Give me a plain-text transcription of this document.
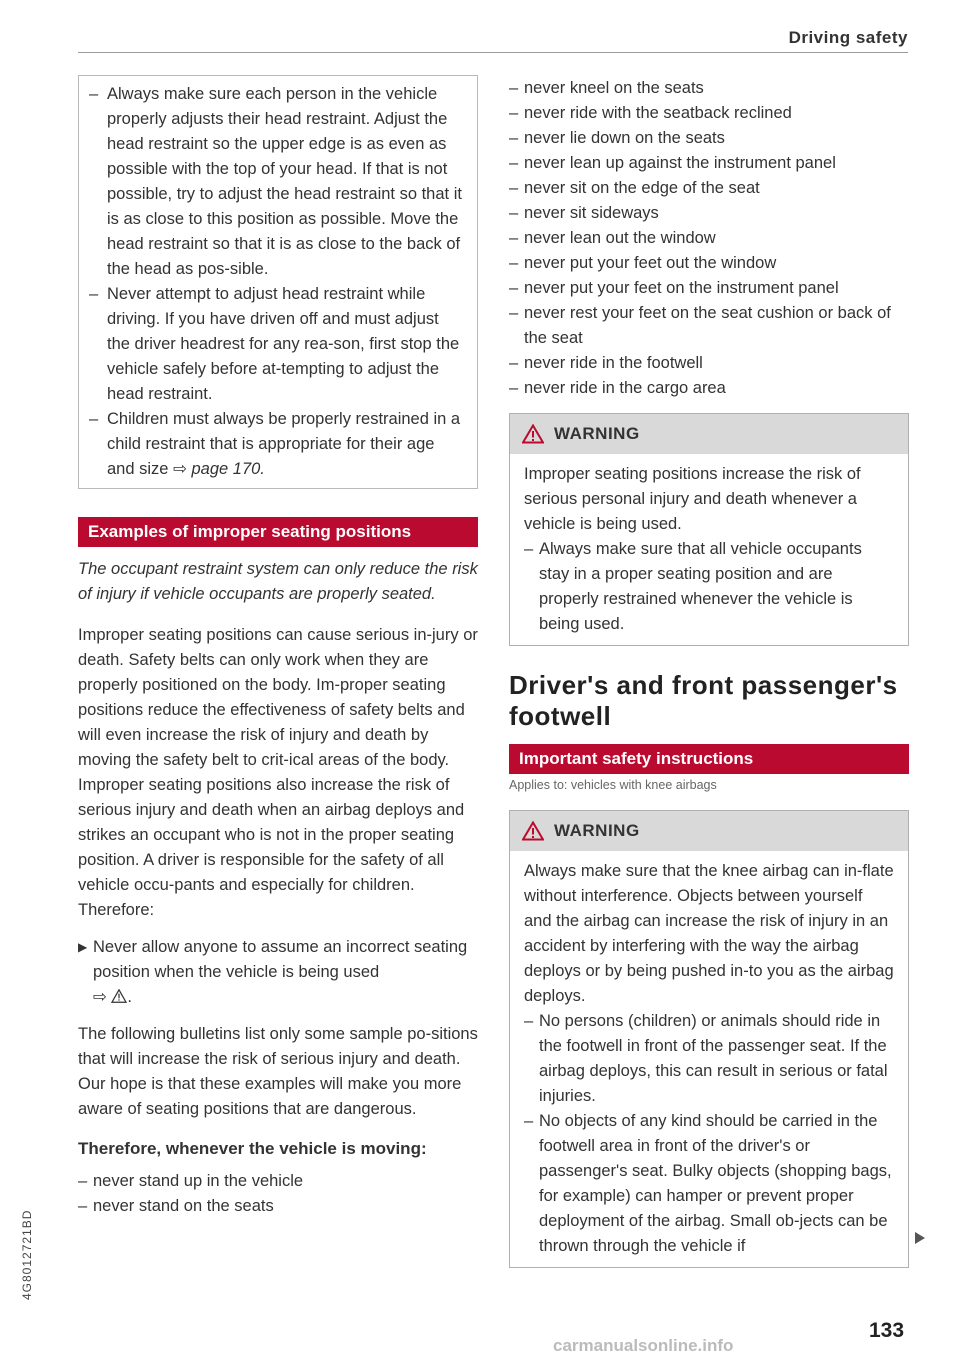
Driving safety
– Always make sure each person in the vehicle properly adjusts their head restraint. Adjust the head restraint so the upper edge is as even as possible with the top of your head. If that is not possible, try to adjust the head restraint so that it is as close to this position as possible. Move the head restraint so that it is as close to the back of the head as pos-sible.
– Never attempt to adjust head restraint while driving. If you have driven off and must adjust the driver headrest for any rea-son, first stop the vehicle safely before at-tempting to adjust the head restraint.
– Children must always be properly restrained in a child restraint that is appropriate for their age and size ⇨ page 170.
Examples of improper seating positions

The occupant restraint system can only reduce the risk of injury if vehicle occupants are properly seated.

Improper seating positions can cause serious in-jury or death. Safety belts can only work when they are properly positioned on the body. Im-proper seating positions reduce the effectiveness of safety belts and will even increase the risk of injury and death by moving the safety belt to crit-ical areas of the body. Improper seating positions also increase the risk of serious injury and death when an airbag deploys and strikes an occupant who is not in the proper seating position. A driver is responsible for the safety of all vehicle occu-pants and especially for children. Therefore:

▶ Never allow anyone to assume an incorrect seating position when the vehicle is being used
⇨ .

The following bulletins list only some sample po-sitions that will increase the risk of serious injury and death. Our hope is that these examples will make you more aware of seating positions that are dangerous.

Therefore, whenever the vehicle is moving:

– never stand up in the vehicle
– never stand on the seats
– never kneel on the seats
– never ride with the seatback reclined
– never lie down on the seats
– never lean up against the instrument panel
– never sit on the edge of the seat
– never sit sideways
– never lean out the window
– never put your feet out the window
– never put your feet on the instrument panel
– never rest your feet on the seat cushion or back of the seat
– never ride in the footwell
– never ride in the cargo area
WARNING

Improper seating positions increase the risk of serious personal injury and death whenever a vehicle is being used.

– Always make sure that all vehicle occupants stay in a proper seating position and are properly restrained whenever the vehicle is being used.
Driver's and front passenger's footwell
Important safety instructions
Applies to: vehicles with knee airbags
WARNING

Always make sure that the knee airbag can in-flate without interference. Objects between yourself and the airbag can increase the risk of injury in an accident by interfering with the way the airbag deploys or by being pushed in-to you as the airbag deploys.

– No persons (children) or animals should ride in the footwell in front of the passenger seat. If the airbag deploys, this can result in serious or fatal injuries.
– No objects of any kind should be carried in the footwell area in front of the driver's or passenger's seat. Bulky objects (shopping bags, for example) can hamper or prevent proper deployment of the airbag. Small ob-jects can be thrown through the vehicle if
4G8012721BD
133
carmanualsonline.info
